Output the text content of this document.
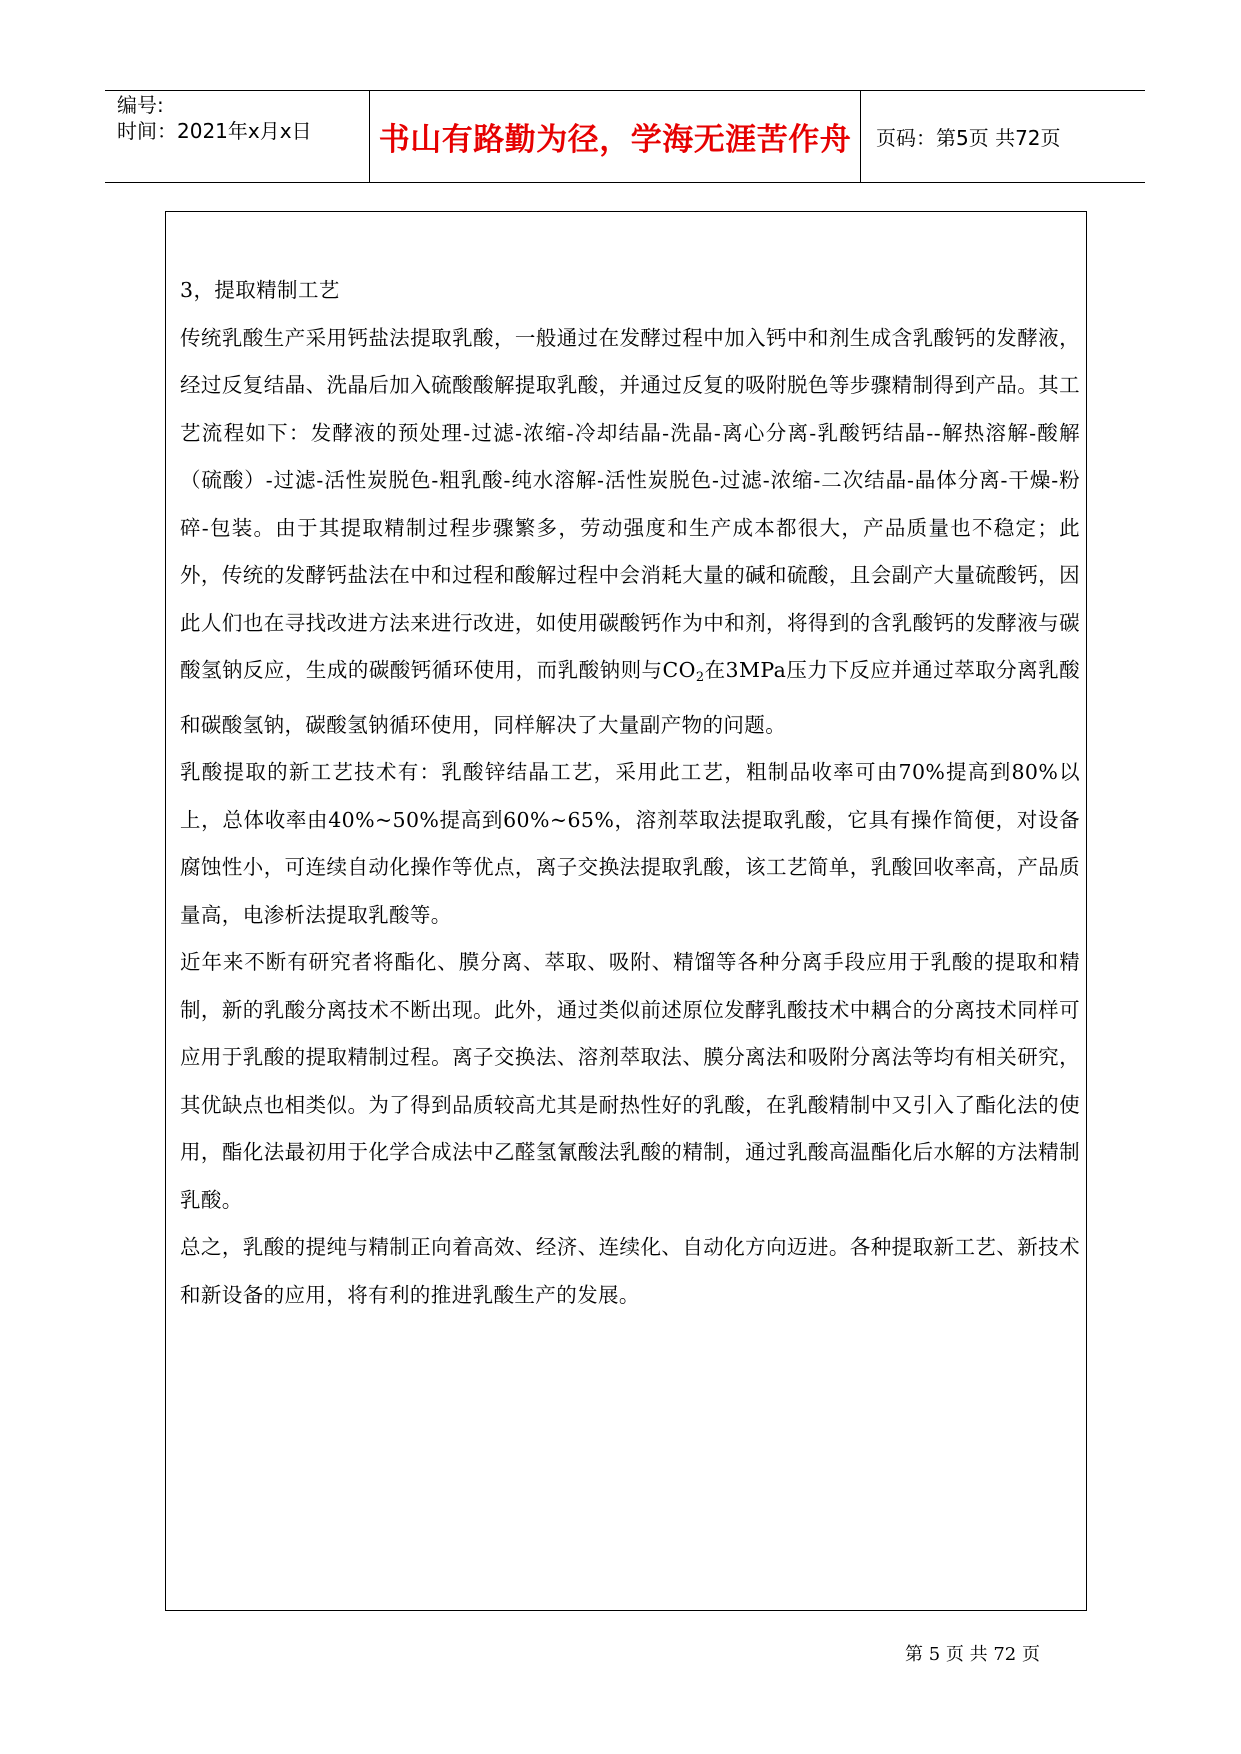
编号:
时间：2021年x月x日 书山有路勤为径，学海无涯苦作舟	页码：第5页 共72页

3，提取精制工艺

传统乳酸生产采用钙盐法提取乳酸，一般通过在发酵过程中加入钙中和剂生成含乳酸钙的发酵液，经过反复结晶、洗晶后加入硫酸酸解提取乳酸，并通过反复的吸附脱色等步骤精制得到产品。其工艺流程如下：发酵液的预处理-过滤-浓缩-冷却结晶-洗晶-离心分离-乳酸钙结晶--解热溶解-酸解（硫酸）-过滤-活性炭脱色-粗乳酸-纯水溶解-活性炭脱色-过滤-浓缩-二次结晶-晶体分离-干燥-粉碎-包装。由于其提取精制过程步骤繁多，劳动强度和生产成本都很大，产品质量也不稳定；此外，传统的发酵钙盐法在中和过程和酸解过程中会消耗大量的碱和硫酸，且会副产大量硫酸钙，因此人们也在寻找改进方法来进行改进，如使用碳酸钙作为中和剂，将得到的含乳酸钙的发酵液与碳酸氢钠反应，生成的碳酸钙循环使用，而乳酸钠则与$CO_2$在3MPa压力下反应并通过萃取分离乳酸和碳酸氢钠，碳酸氢钠循环使用，同样解决了大量副产物的问题。

乳酸提取的新工艺技术有：乳酸锌结晶工艺，采用此工艺，粗制品收率可由70%提高到80%以上，总体收率由40%~50%提高到60%~65%，溶剂萃取法提取乳酸，它具有操作简便，对设备腐蚀性小，可连续自动化操作等优点，离子交换法提取乳酸，该工艺简单，乳酸回收率高，产品质量高，电渗析法提取乳酸等。

近年来不断有研究者将酯化、膜分离、萃取、吸附、精馏等各种分离手段应用于乳酸的提取和精制，新的乳酸分离技术不断出现。此外，通过类似前述原位发酵乳酸技术中耦合的分离技术同样可应用于乳酸的提取精制过程。离子交换法、溶剂萃取法、膜分离法和吸附分离法等均有相关研究，其优缺点也相类似。为了得到品质较高尤其是耐热性好的乳酸，在乳酸精制中又引入了酯化法的使用，酯化法最初用于化学合成法中乙醛氢氰酸法乳酸的精制，通过乳酸高温酯化后水解的方法精制乳酸。

总之，乳酸的提纯与精制正向着高效、经济、连续化、自动化方向迈进。各种提取新工艺、新技术和新设备的应用，将有利的推进乳酸生产的发展。

第 5 页 共 72 页
